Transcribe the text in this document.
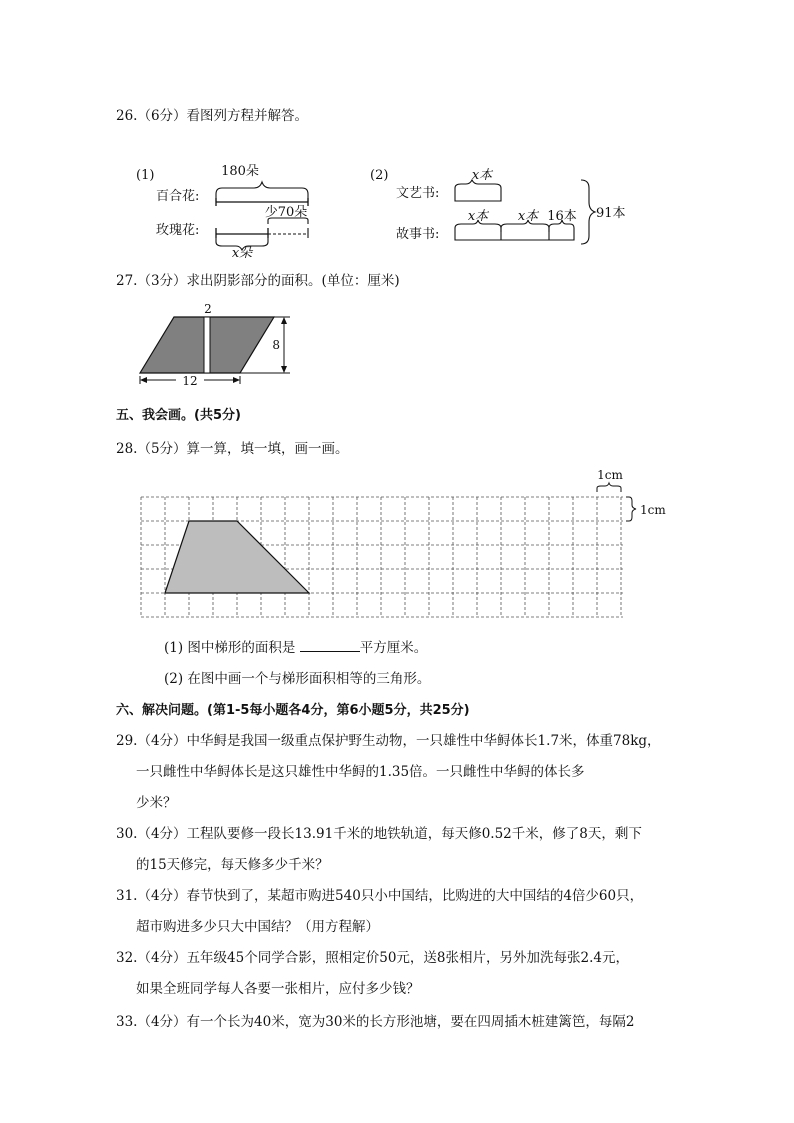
26.（6分）看图列方程并解答。
(1)	180朵
百合花:
玫瑰花:
少70朵
x朵
(2)	x本
文艺书:
x本 x本 16本
故事书:
91本
27.（3分）求出阴影部分的面积。(单位：厘米)
2
8
12
五、我会画。(共5分)
28.（5分）算一算，填一填，画一画。
1cm
1cm
(1) 图中梯形的面积是	平方厘米。
(2) 在图中画一个与梯形面积相等的三角形。
六、解决问题。(第1-5每小题各4分，第6小题5分，共25分)
29.（4分）中华鲟是我国一级重点保护野生动物，一只雄性中华鲟体长1.7米，体重78kg，
一只雌性中华鲟体长是这只雄性中华鲟的1.35倍。一只雌性中华鲟的体长多
少米？
30.（4分）工程队要修一段长13.91千米的地铁轨道，每天修0.52千米，修了8天，剩下
的15天修完，每天修多少千米？
31.（4分）春节快到了，某超市购进540只小中国结，比购进的大中国结的4倍少60只，
超市购进多少只大中国结？（用方程解）
32.（4分）五年级45个同学合影，照相定价50元，送8张相片，另外加洗每张2.4元，
如果全班同学每人各要一张相片，应付多少钱？
33.（4分）有一个长为40米，宽为30米的长方形池塘，要在四周插木桩建篱笆，每隔2
